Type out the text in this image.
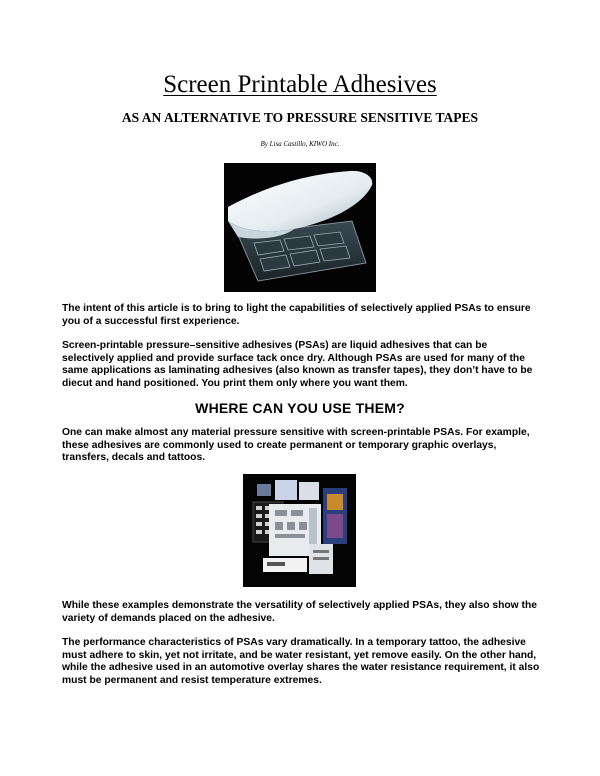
Screen Printable Adhesives
AS AN ALTERNATIVE TO PRESSURE SENSITIVE TAPES
By Lisa Castillo, KIWO Inc.

The intent of this article is to bring to light the capabilities of selectively applied PSAs to ensure you of a successful first experience.

Screen-printable pressure–sensitive adhesives (PSAs) are liquid adhesives that can be selectively applied and provide surface tack once dry. Although PSAs are used for many of the same applications as laminating adhesives (also known as transfer tapes), they don’t have to be diecut and hand positioned. You print them only where you want them.

WHERE CAN YOU USE THEM?

One can make almost any material pressure sensitive with screen-printable PSAs. For example, these adhesives are commonly used to create permanent or temporary graphic overlays, transfers, decals and tattoos.

While these examples demonstrate the versatility of selectively applied PSAs, they also show the variety of demands placed on the adhesive.

The performance characteristics of PSAs vary dramatically. In a temporary tattoo, the adhesive must adhere to skin, yet not irritate, and be water resistant, yet remove easily. On the other hand, while the adhesive used in an automotive overlay shares the water resistance requirement, it also must be permanent and resist temperature extremes.
